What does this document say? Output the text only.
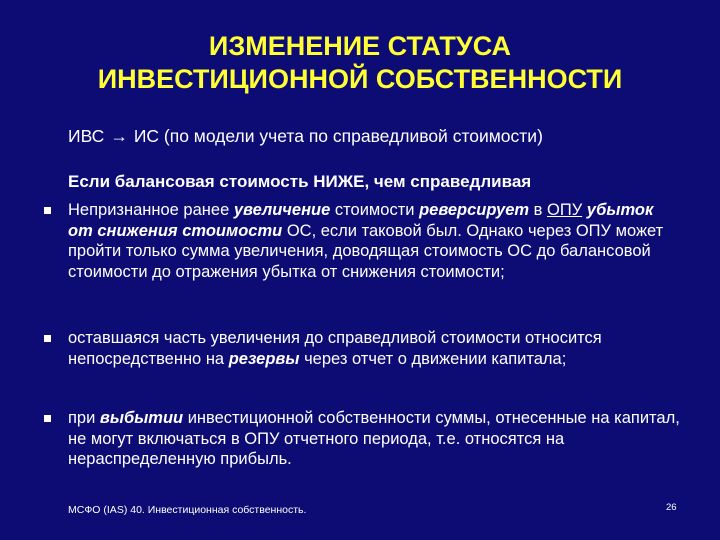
ИЗМЕНЕНИЕ СТАТУСА
ИНВЕСТИЦИОННОЙ СОБСТВЕННОСТИ
ИВС → ИС (по модели учета по справедливой стоимости)
Если балансовая стоимость НИЖЕ, чем справедливая
Непризнанное ранее увеличение стоимости реверсирует в ОПУ убыток от снижения стоимости ОС, если таковой был. Однако через ОПУ может пройти только сумма увеличения, доводящая стоимость ОС до балансовой стоимости до отражения убытка от снижения стоимости;
оставшаяся часть увеличения до справедливой стоимости относится непосредственно на резервы через отчет о движении капитала;
при выбытии инвестиционной собственности суммы, отнесенные на капитал, не могут включаться в ОПУ отчетного периода, т.е. относятся на нераспределенную прибыль.
МСФО (IAS) 40. Инвестиционная собственность.	26
